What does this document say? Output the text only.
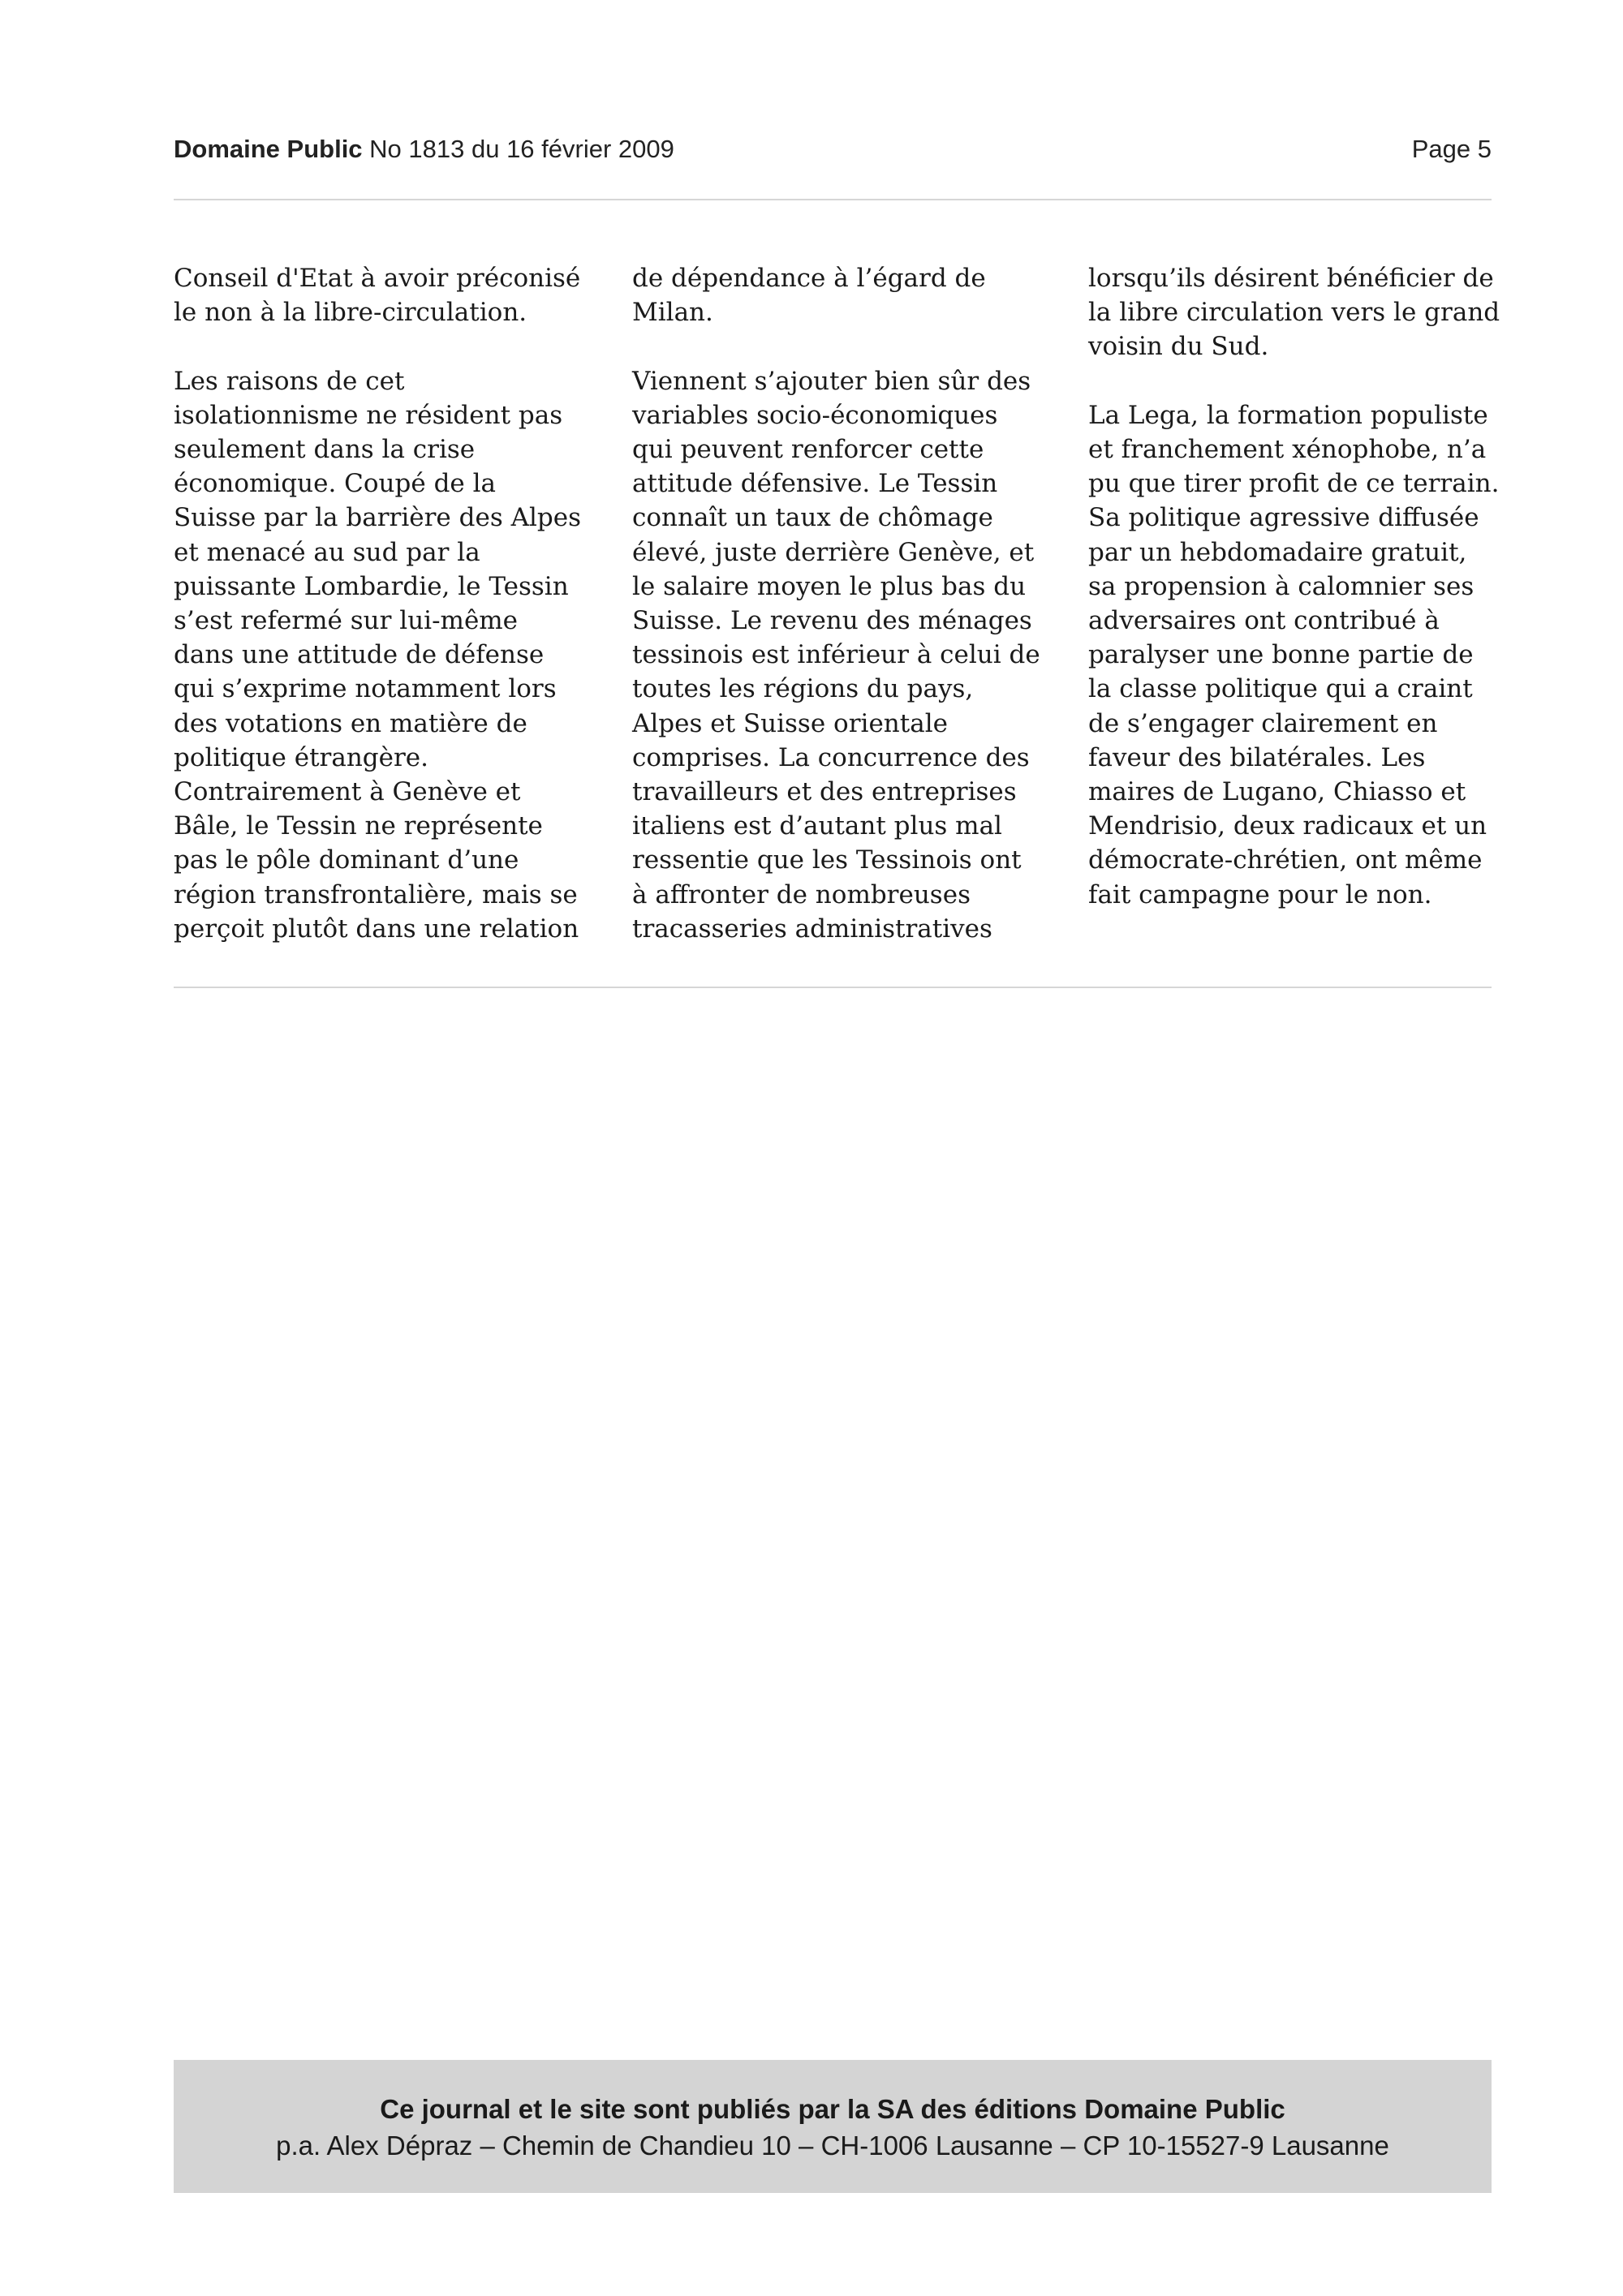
Domaine Public No 1813 du 16 février 2009	Page 5

Conseil d'Etat à avoir préconisé
le non à la libre-circulation.

Les raisons de cet
isolationnisme ne résident pas
seulement dans la crise
économique. Coupé de la
Suisse par la barrière des Alpes
et menacé au sud par la
puissante Lombardie, le Tessin
s’est refermé sur lui-même
dans une attitude de défense
qui s’exprime notamment lors
des votations en matière de
politique étrangère.
Contrairement à Genève et
Bâle, le Tessin ne représente
pas le pôle dominant d’une
région transfrontalière, mais se
perçoit plutôt dans une relation

de dépendance à l’égard de
Milan.

Viennent s’ajouter bien sûr des
variables socio-économiques
qui peuvent renforcer cette
attitude défensive. Le Tessin
connaît un taux de chômage
élevé, juste derrière Genève, et
le salaire moyen le plus bas du
Suisse. Le revenu des ménages
tessinois est inférieur à celui de
toutes les régions du pays,
Alpes et Suisse orientale
comprises. La concurrence des
travailleurs et des entreprises
italiens est d’autant plus mal
ressentie que les Tessinois ont
à affronter de nombreuses
tracasseries administratives

lorsqu’ils désirent bénéficier de
la libre circulation vers le grand
voisin du Sud.

La Lega, la formation populiste
et franchement xénophobe, n’a
pu que tirer profit de ce terrain.
Sa politique agressive diffusée
par un hebdomadaire gratuit,
sa propension à calomnier ses
adversaires ont contribué à
paralyser une bonne partie de
la classe politique qui a craint
de s’engager clairement en
faveur des bilatérales. Les
maires de Lugano, Chiasso et
Mendrisio, deux radicaux et un
démocrate-chrétien, ont même
fait campagne pour le non.

Ce journal et le site sont publiés par la SA des éditions Domaine Public
p.a. Alex Dépraz – Chemin de Chandieu 10 – CH-1006 Lausanne – CP 10-15527-9 Lausanne
